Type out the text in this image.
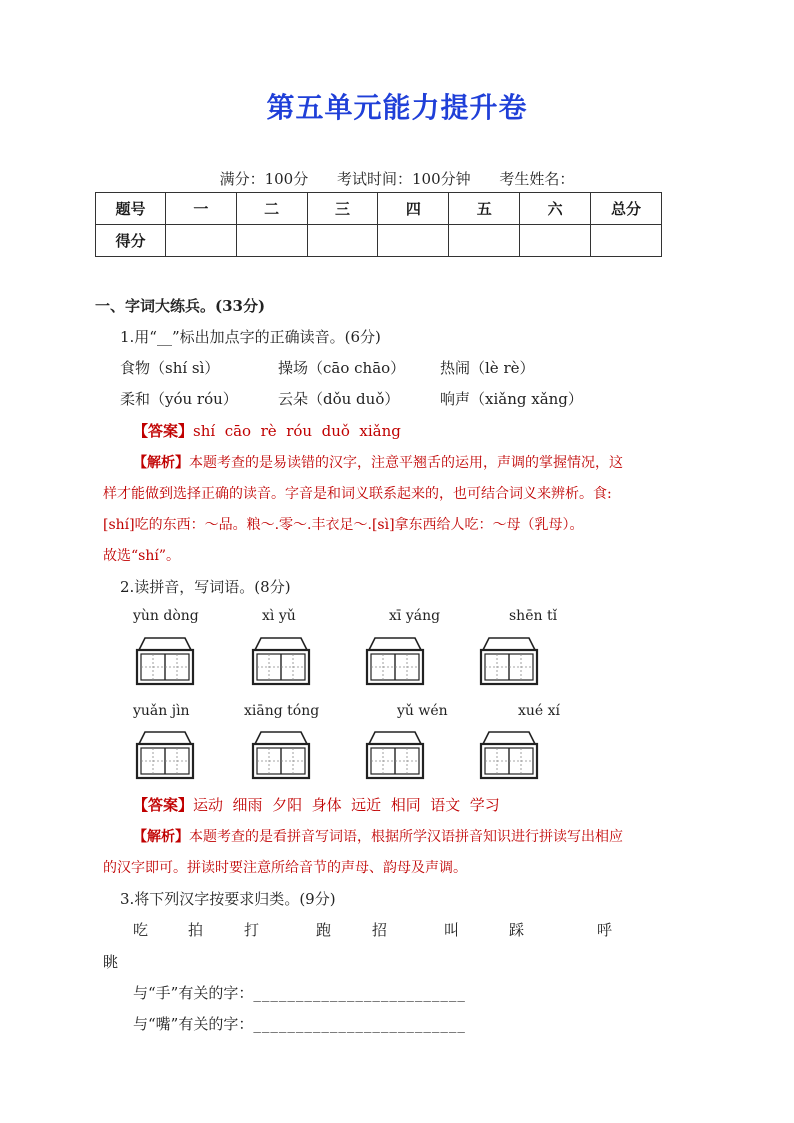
第五单元能力提升卷
满分：100分 考试时间：100分钟 考生姓名：
题号	一	二	三	四	五	六	总分
得分							
一、字词大练兵。(33分)
1.用“__”标出加点字的正确读音。(6分)
食物（shí sì）	操场（cāo chāo） 热闹（lè rè）
柔和（yóu róu）	云朵（dǒu duǒ）	响声（xiǎng xǎng）
【答案】shí  cāo  rè  róu  duǒ  xiǎng
【解析】本题考查的是易读错的汉字，注意平翘舌的运用，声调的掌握情况，这
样才能做到选择正确的读音。字音是和词义联系起来的，也可结合词义来辨析。食:
[shí]吃的东西：～品。粮～.零～.丰衣足～.[sì]拿东西给人吃：～母（乳母）。
故选“shí”。
2.读拼音，写词语。(8分)
yùn dòng	xì yǔ	xī yáng	shēn tǐ
yuǎn jìn	xiāng tóng	yǔ wén	xué xí
【答案】运动  细雨  夕阳  身体  远近  相同  语文  学习
【解析】本题考查的是看拼音写词语，根据所学汉语拼音知识进行拼读写出相应
的汉字即可。拼读时要注意所给音节的声母、韵母及声调。
3.将下列汉字按要求归类。(9分)
吃	拍	打	跑	招	叫	踩	呼
眺
与“手”有关的字：_________________________
与“嘴”有关的字：_________________________
